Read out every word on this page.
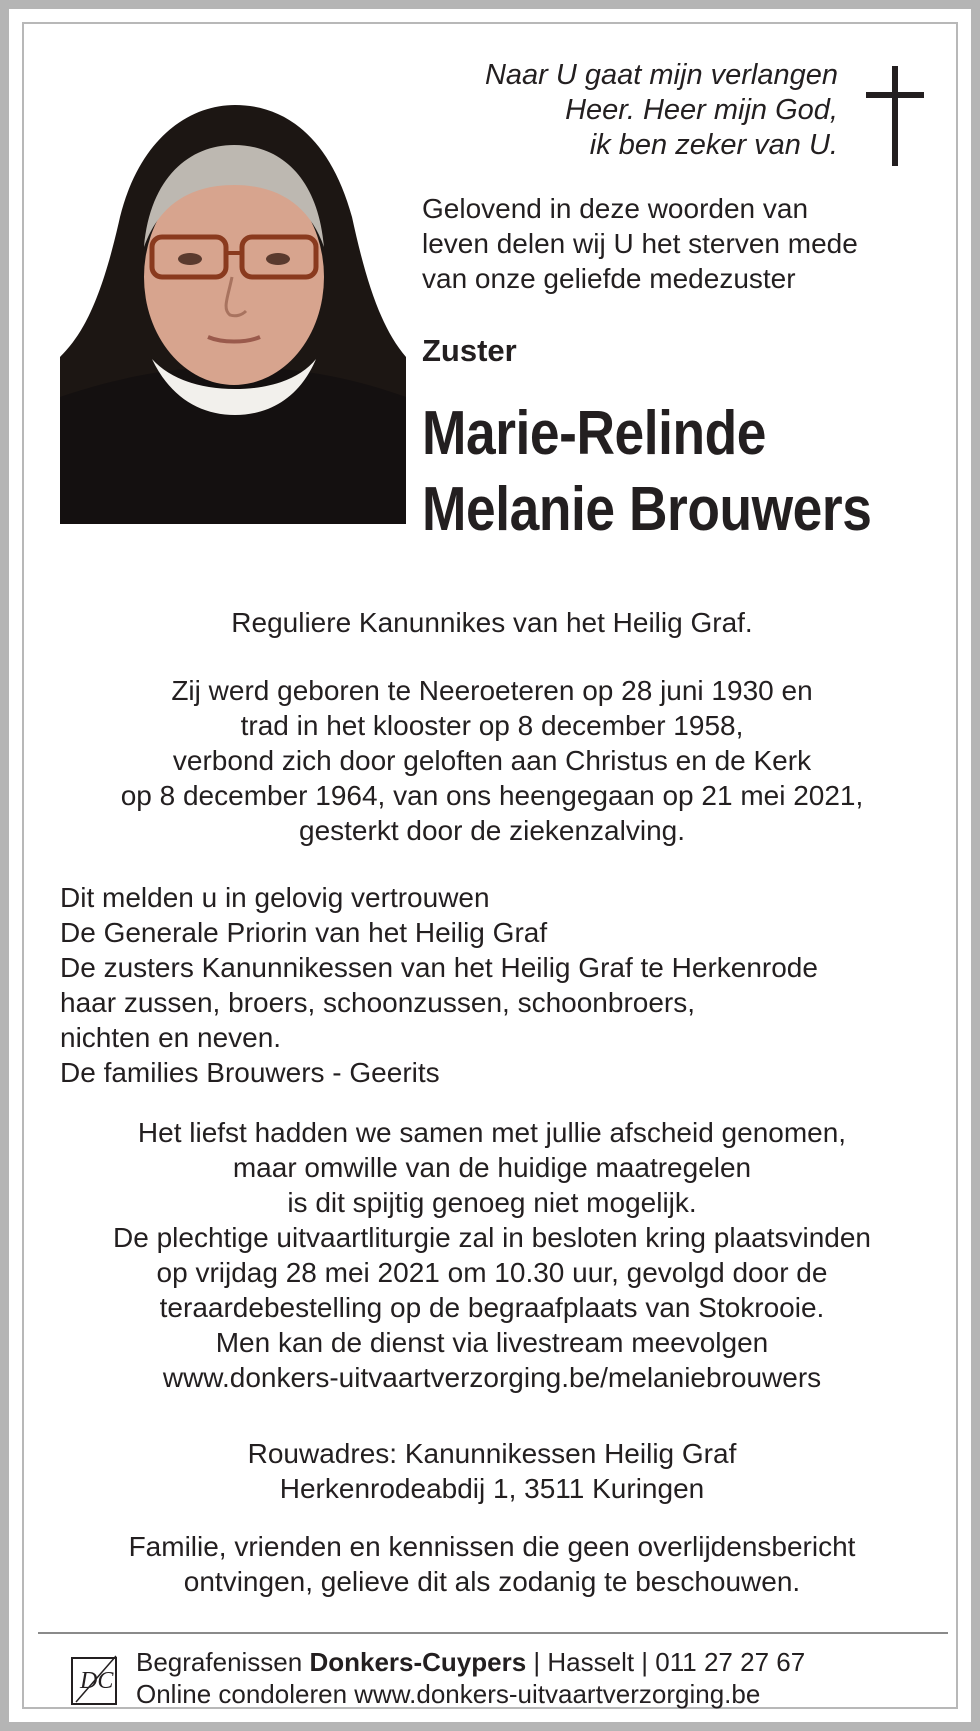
Naar U gaat mijn verlangen
Heer. Heer mijn God,
ik ben zeker van U.
Gelovend in deze woorden van
leven delen wij U het sterven mede
van onze geliefde medezuster
Zuster
Marie-Relinde
Melanie Brouwers
Reguliere Kanunnikes van het Heilig Graf.
Zij werd geboren te Neeroeteren op 28 juni 1930 en
trad in het klooster op 8 december 1958,
verbond zich door geloften aan Christus en de Kerk
op 8 december 1964, van ons heengegaan op 21 mei 2021,
gesterkt door de ziekenzalving.
Dit melden u in gelovig vertrouwen
De Generale Priorin van het Heilig Graf
De zusters Kanunnikessen van het Heilig Graf te Herkenrode
haar zussen, broers, schoonzussen, schoonbroers,
nichten en neven.
De families Brouwers - Geerits
Het liefst hadden we samen met jullie afscheid genomen,
maar omwille van de huidige maatregelen
is dit spijtig genoeg niet mogelijk.
De plechtige uitvaartliturgie zal in besloten kring plaatsvinden
op vrijdag 28 mei 2021 om 10.30 uur, gevolgd door de
teraardebestelling op de begraafplaats van Stokrooie.
Men kan de dienst via livestream meevolgen
www.donkers-uitvaartverzorging.be/melaniebrouwers
Rouwadres: Kanunnikessen Heilig Graf
Herkenrodeabdij 1, 3511 Kuringen
Familie, vrienden en kennissen die geen overlijdensbericht
ontvingen, gelieve dit als zodanig te beschouwen.
DC
Begrafenissen Donkers-Cuypers | Hasselt | 011 27 27 67
Online condoleren www.donkers-uitvaartverzorging.be
